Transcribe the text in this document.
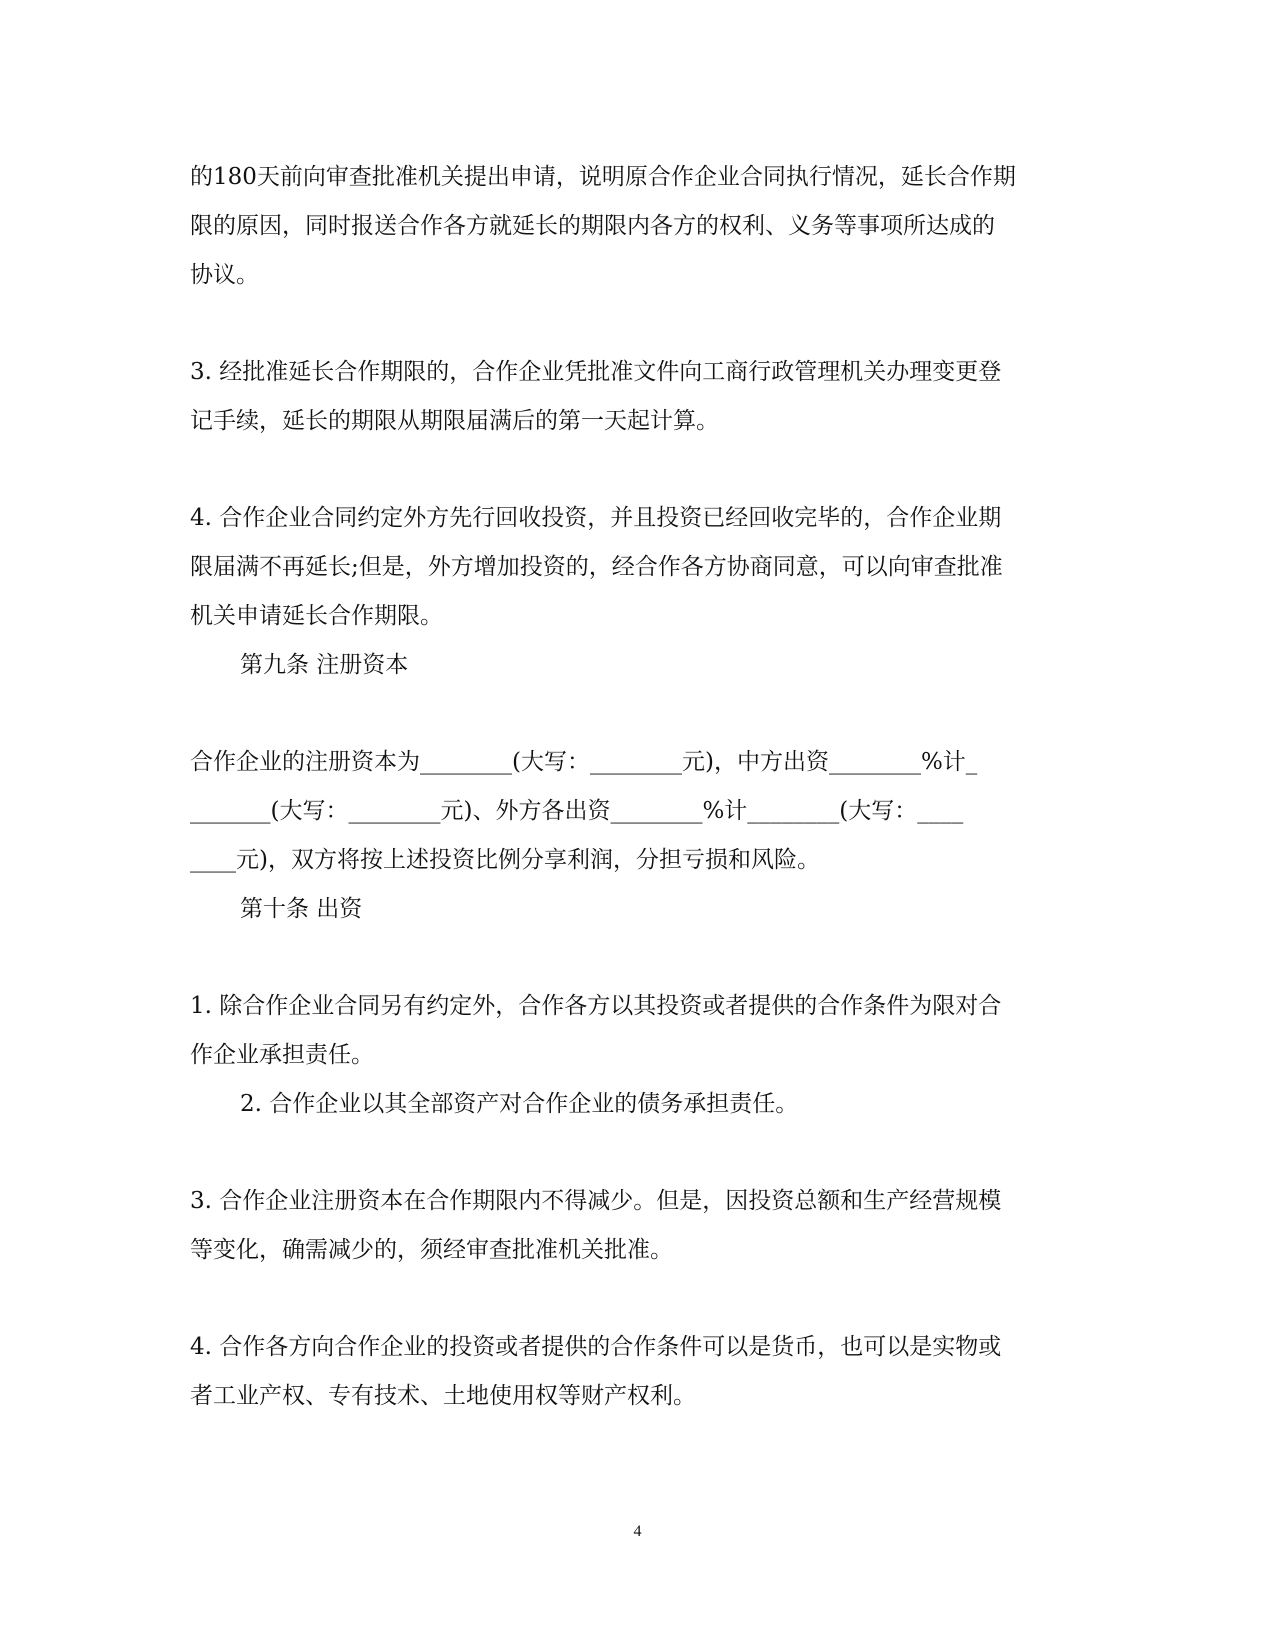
的180天前向审查批准机关提出申请，说明原合作企业合同执行情况，延长合作期
限的原因，同时报送合作各方就延长的期限内各方的权利、义务等事项所达成的
协议。
3. 经批准延长合作期限的，合作企业凭批准文件向工商行政管理机关办理变更登
记手续，延长的期限从期限届满后的第一天起计算。
4. 合作企业合同约定外方先行回收投资，并且投资已经回收完毕的，合作企业期
限届满不再延长;但是，外方增加投资的，经合作各方协商同意，可以向审查批准
机关申请延长合作期限。
第九条 注册资本
合作企业的注册资本为________(大写：________元)，中方出资________%计_
_______(大写：________元)、外方各出资________%计________(大写：____
____元)，双方将按上述投资比例分享利润，分担亏损和风险。
第十条 出资
1. 除合作企业合同另有约定外，合作各方以其投资或者提供的合作条件为限对合
作企业承担责任。
2. 合作企业以其全部资产对合作企业的债务承担责任。
3. 合作企业注册资本在合作期限内不得减少。但是，因投资总额和生产经营规模
等变化，确需减少的，须经审查批准机关批准。
4. 合作各方向合作企业的投资或者提供的合作条件可以是货币，也可以是实物或
者工业产权、专有技术、土地使用权等财产权利。
4
